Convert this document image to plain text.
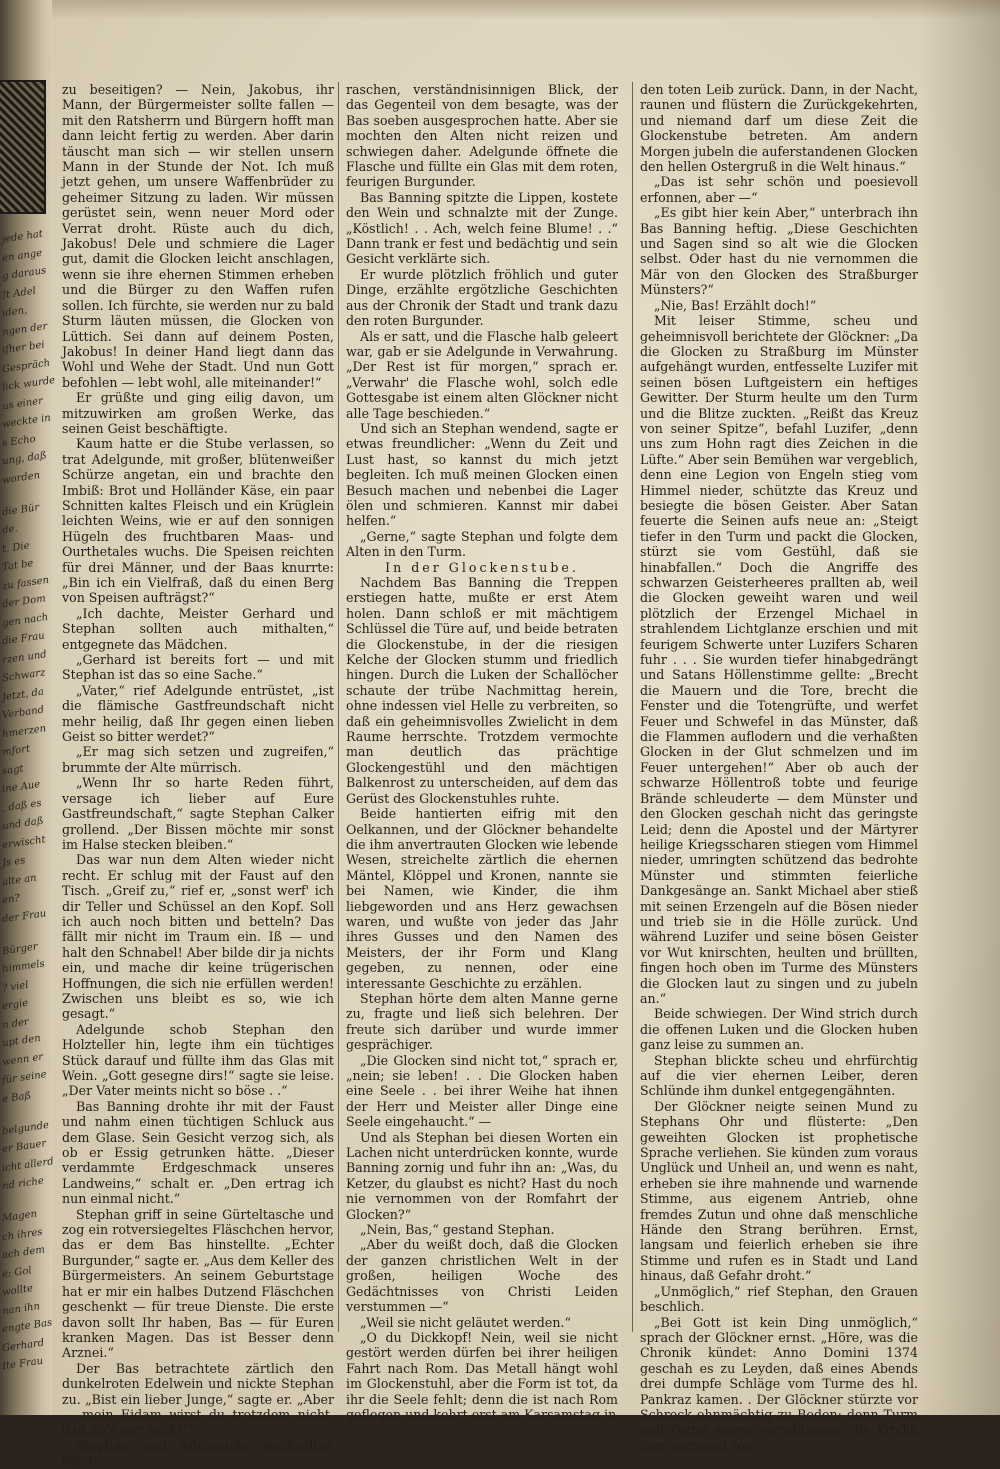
jede hat
en ange
g daraus
!t Adel
iden,
ngen der
ifher bei
Gespräch
lick wurde
us einer
weckte in
s Echo
ung, daß
worden
die Bür
de.
t. Die
Tat be
zu fassen
der Dom
gen nach
die Frau
rzen und
Schwarz
Jetzt, da
Verband
hmerzen
mfort
sagt
ine Aue
, daß es
und daß
erwischt
Js es
alte an
en?
der Frau
Bürger
himmels
? viel
ergie
n der
upt den
wenn er
für seine
e Baß
belgunde
er Bauer
icht allerd
nd riche
Magen
ch ihres
ach dem
e: Gol
wollte
nan ihn
engte Bas
Gerhard
Ite Frau

zu beseitigen? — Nein, Jakobus, ihr Mann, der Bürgermeister sollte fallen — mit den Ratsherrn und Bürgern hofft man dann leicht fertig zu werden. Aber darin täuscht man sich — wir stellen unsern Mann in der Stunde der Not. Ich muß jetzt gehen, um unsere Waffenbrüder zu geheimer Sitzung zu laden. Wir müssen gerüstet sein, wenn neuer Mord oder Verrat droht. Rüste auch du dich, Jakobus! Dele und schmiere die Lager gut, damit die Glocken leicht anschlagen, wenn sie ihre ehernen Stimmen erheben und die Bürger zu den Waffen rufen sollen. Ich fürchte, sie werden nur zu bald Sturm läuten müssen, die Glocken von Lüttich. Sei dann auf deinem Posten, Jakobus! In deiner Hand liegt dann das Wohl und Wehe der Stadt. Und nun Gott befohlen — lebt wohl, alle miteinander!“

Er grüßte und ging eilig davon, um mitzuwirken am großen Werke, das seinen Geist beschäftigte.

Kaum hatte er die Stube verlassen, so trat Adelgunde, mit großer, blütenweißer Schürze angetan, ein und brachte den Imbiß: Brot und Holländer Käse, ein paar Schnitten kaltes Fleisch und ein Krüglein leichten Weins, wie er auf den sonnigen Hügeln des fruchtbaren Maas- und Ourthetales wuchs. Die Speisen reichten für drei Männer, und der Baas knurrte: „Bin ich ein Vielfraß, daß du einen Berg von Speisen aufträgst?“

„Ich dachte, Meister Gerhard und Stephan sollten auch mithalten,“ entgegnete das Mädchen.

„Gerhard ist bereits fort — und mit Stephan ist das so eine Sache.“

„Vater,“ rief Adelgunde entrüstet, „ist die flämische Gastfreundschaft nicht mehr heilig, daß Ihr gegen einen lieben Geist so bitter werdet?“

„Er mag sich setzen und zugreifen,“ brummte der Alte mürrisch.

„Wenn Ihr so harte Reden führt, versage ich lieber auf Eure Gastfreundschaft,“ sagte Stephan Calker grollend. „Der Bissen möchte mir sonst im Halse stecken bleiben.“

Das war nun dem Alten wieder nicht recht. Er schlug mit der Faust auf den Tisch. „Greif zu,“ rief er, „sonst werf' ich dir Teller und Schüssel an den Kopf. Soll ich auch noch bitten und betteln? Das fällt mir nicht im Traum ein. Iß — und halt den Schnabel! Aber bilde dir ja nichts ein, und mache dir keine trügerischen Hoffnungen, die sich nie erfüllen werden! Zwischen uns bleibt es so, wie ich gesagt.“

Adelgunde schob Stephan den Holzteller hin, legte ihm ein tüchtiges Stück darauf und füllte ihm das Glas mit Wein. „Gott gesegne dirs!“ sagte sie leise. „Der Vater meints nicht so böse . .“

Bas Banning drohte ihr mit der Faust und nahm einen tüchtigen Schluck aus dem Glase. Sein Gesicht verzog sich, als ob er Essig getrunken hätte. „Dieser verdammte Erdgeschmack unseres Landweins,“ schalt er. „Den ertrag ich nun einmal nicht.“

Stephan griff in seine Gürteltasche und zog ein rotversiegeltes Fläschchen hervor, das er dem Bas hinstellte. „Echter Burgunder,“ sagte er. „Aus dem Keller des Bürgermeisters. An seinem Geburtstage hat er mir ein halbes Dutzend Fläschchen geschenkt — für treue Dienste. Die erste davon sollt Ihr haben, Bas — für Euren kranken Magen. Das ist Besser denn Arznei.“

Der Bas betrachtete zärtlich den dunkelroten Edelwein und nickte Stephan zu. „Bist ein lieber Junge,“ sagte er. „Aber — mein Eidam wirst du trotzdem nicht, daß du's nur weißt!“

Stephan und Adelgunde wechselten einen

raschen, verständnisinnigen Blick, der das Gegenteil von dem besagte, was der Bas soeben ausgesprochen hatte. Aber sie mochten den Alten nicht reizen und schwiegen daher. Adelgunde öffnete die Flasche und füllte ein Glas mit dem roten, feurigen Burgunder.

Bas Banning spitzte die Lippen, kostete den Wein und schnalzte mit der Zunge. „Köstlich! . . Ach, welch feine Blume! . .“ Dann trank er fest und bedächtig und sein Gesicht verklärte sich.

Er wurde plötzlich fröhlich und guter Dinge, erzählte ergötzliche Geschichten aus der Chronik der Stadt und trank dazu den roten Burgunder.

Als er satt, und die Flasche halb geleert war, gab er sie Adelgunde in Verwahrung. „Der Rest ist für morgen,“ sprach er. „Verwahr' die Flasche wohl, solch edle Gottesgabe ist einem alten Glöckner nicht alle Tage beschieden.“

Und sich an Stephan wendend, sagte er etwas freundlicher: „Wenn du Zeit und Lust hast, so kannst du mich jetzt begleiten. Ich muß meinen Glocken einen Besuch machen und nebenbei die Lager ölen und schmieren. Kannst mir dabei helfen.“

„Gerne,“ sagte Stephan und folgte dem Alten in den Turm.

In der Glockenstube.

Nachdem Bas Banning die Treppen erstiegen hatte, mußte er erst Atem holen. Dann schloß er mit mächtigem Schlüssel die Türe auf, und beide betraten die Glockenstube, in der die riesigen Kelche der Glocken stumm und friedlich hingen. Durch die Luken der Schallöcher schaute der trübe Nachmittag herein, ohne indessen viel Helle zu verbreiten, so daß ein geheimnisvolles Zwielicht in dem Raume herrschte. Trotzdem vermochte man deutlich das prächtige Glockengestühl und den mächtigen Balkenrost zu unterscheiden, auf dem das Gerüst des Glockenstuhles ruhte.

Beide hantierten eifrig mit den Oelkannen, und der Glöckner behandelte die ihm anvertrauten Glocken wie lebende Wesen, streichelte zärtlich die ehernen Mäntel, Klöppel und Kronen, nannte sie bei Namen, wie Kinder, die ihm liebgeworden und ans Herz gewachsen waren, und wußte von jeder das Jahr ihres Gusses und den Namen des Meisters, der ihr Form und Klang gegeben, zu nennen, oder eine interessante Geschichte zu erzählen.

Stephan hörte dem alten Manne gerne zu, fragte und ließ sich belehren. Der freute sich darüber und wurde immer gesprächiger.

„Die Glocken sind nicht tot,“ sprach er, „nein; sie leben! . . Die Glocken haben eine Seele . . bei ihrer Weihe hat ihnen der Herr und Meister aller Dinge eine Seele eingehaucht.“ —

Und als Stephan bei diesen Worten ein Lachen nicht unterdrücken konnte, wurde Banning zornig und fuhr ihn an: „Was, du Ketzer, du glaubst es nicht? Hast du noch nie vernommen von der Romfahrt der Glocken?“

„Nein, Bas,“ gestand Stephan.

„Aber du weißt doch, daß die Glocken der ganzen christlichen Welt in der großen, heiligen Woche des Gedächtnisses von Christi Leiden verstummen —“

„Weil sie nicht geläutet werden.“

„O du Dickkopf! Nein, weil sie nicht gestört werden dürfen bei ihrer heiligen Fahrt nach Rom. Das Metall hängt wohl im Glockenstuhl, aber die Form ist tot, da ihr die Seele fehlt; denn die ist nach Rom geflogen und kehrt erst am Karsamstag in

den toten Leib zurück. Dann, in der Nacht, raunen und flüstern die Zurückgekehrten, und niemand darf um diese Zeit die Glockenstube betreten. Am andern Morgen jubeln die auferstandenen Glocken den hellen Ostergruß in die Welt hinaus.“

„Das ist sehr schön und poesievoll erfonnen, aber —“

„Es gibt hier kein Aber,“ unterbrach ihn Bas Banning heftig. „Diese Geschichten und Sagen sind so alt wie die Glocken selbst. Oder hast du nie vernommen die Mär von den Glocken des Straßburger Münsters?“

„Nie, Bas! Erzählt doch!“

Mit leiser Stimme, scheu und geheimnisvoll berichtete der Glöckner: „Da die Glocken zu Straßburg im Münster aufgehängt wurden, entfesselte Luzifer mit seinen bösen Luftgeistern ein heftiges Gewitter. Der Sturm heulte um den Turm und die Blitze zuckten. „Reißt das Kreuz von seiner Spitze“, befahl Luzifer, „denn uns zum Hohn ragt dies Zeichen in die Lüfte.“ Aber sein Bemühen war vergeblich, denn eine Legion von Engeln stieg vom Himmel nieder, schützte das Kreuz und besiegte die bösen Geister. Aber Satan feuerte die Seinen aufs neue an: „Steigt tiefer in den Turm und packt die Glocken, stürzt sie vom Gestühl, daß sie hinabfallen.“ Doch die Angriffe des schwarzen Geisterheeres prallten ab, weil die Glocken geweiht waren und weil plötzlich der Erzengel Michael in strahlendem Lichtglanze erschien und mit feurigem Schwerte unter Luzifers Scharen fuhr . . . Sie wurden tiefer hinabgedrängt und Satans Höllenstimme gellte: „Brecht die Mauern und die Tore, brecht die Fenster und die Totengrüfte, und werfet Feuer und Schwefel in das Münster, daß die Flammen auflodern und die verhaßten Glocken in der Glut schmelzen und im Feuer untergehen!“ Aber ob auch der schwarze Höllentroß tobte und feurige Brände schleuderte — dem Münster und den Glocken geschah nicht das geringste Leid; denn die Apostel und der Märtyrer heilige Kriegsscharen stiegen vom Himmel nieder, umringten schützend das bedrohte Münster und stimmten feierliche Dankgesänge an. Sankt Michael aber stieß mit seinen Erzengeln auf die Bösen nieder und trieb sie in die Hölle zurück. Und während Luzifer und seine bösen Geister vor Wut knirschten, heulten und brüllten, fingen hoch oben im Turme des Münsters die Glocken laut zu singen und zu jubeln an.“

Beide schwiegen. Der Wind strich durch die offenen Luken und die Glocken huben ganz leise zu summen an.

Stephan blickte scheu und ehrfürchtig auf die vier ehernen Leiber, deren Schlünde ihm dunkel entgegengähnten.

Der Glöckner neigte seinen Mund zu Stephans Ohr und flüsterte: „Den geweihten Glocken ist prophetische Sprache verliehen. Sie künden zum voraus Unglück und Unheil an, und wenn es naht, erheben sie ihre mahnende und warnende Stimme, aus eigenem Antrieb, ohne fremdes Zutun und ohne daß menschliche Hände den Strang berühren. Ernst, langsam und feierlich erheben sie ihre Stimme und rufen es in Stadt und Land hinaus, daß Gefahr droht.“

„Unmöglich,“ rief Stephan, den Grauen beschlich.

„Bei Gott ist kein Ding unmöglich,“ sprach der Glöckner ernst. „Höre, was die Chronik kündet: Anno Domini 1374 geschah es zu Leyden, daß eines Abends drei dumpfe Schläge vom Turme des hl. Pankraz kamen. . Der Glöckner stürzte vor Schreck ohnmächtig zu Boden; denn Turm und Portal waren verschlossen, die Kirche leer, niemand zog
